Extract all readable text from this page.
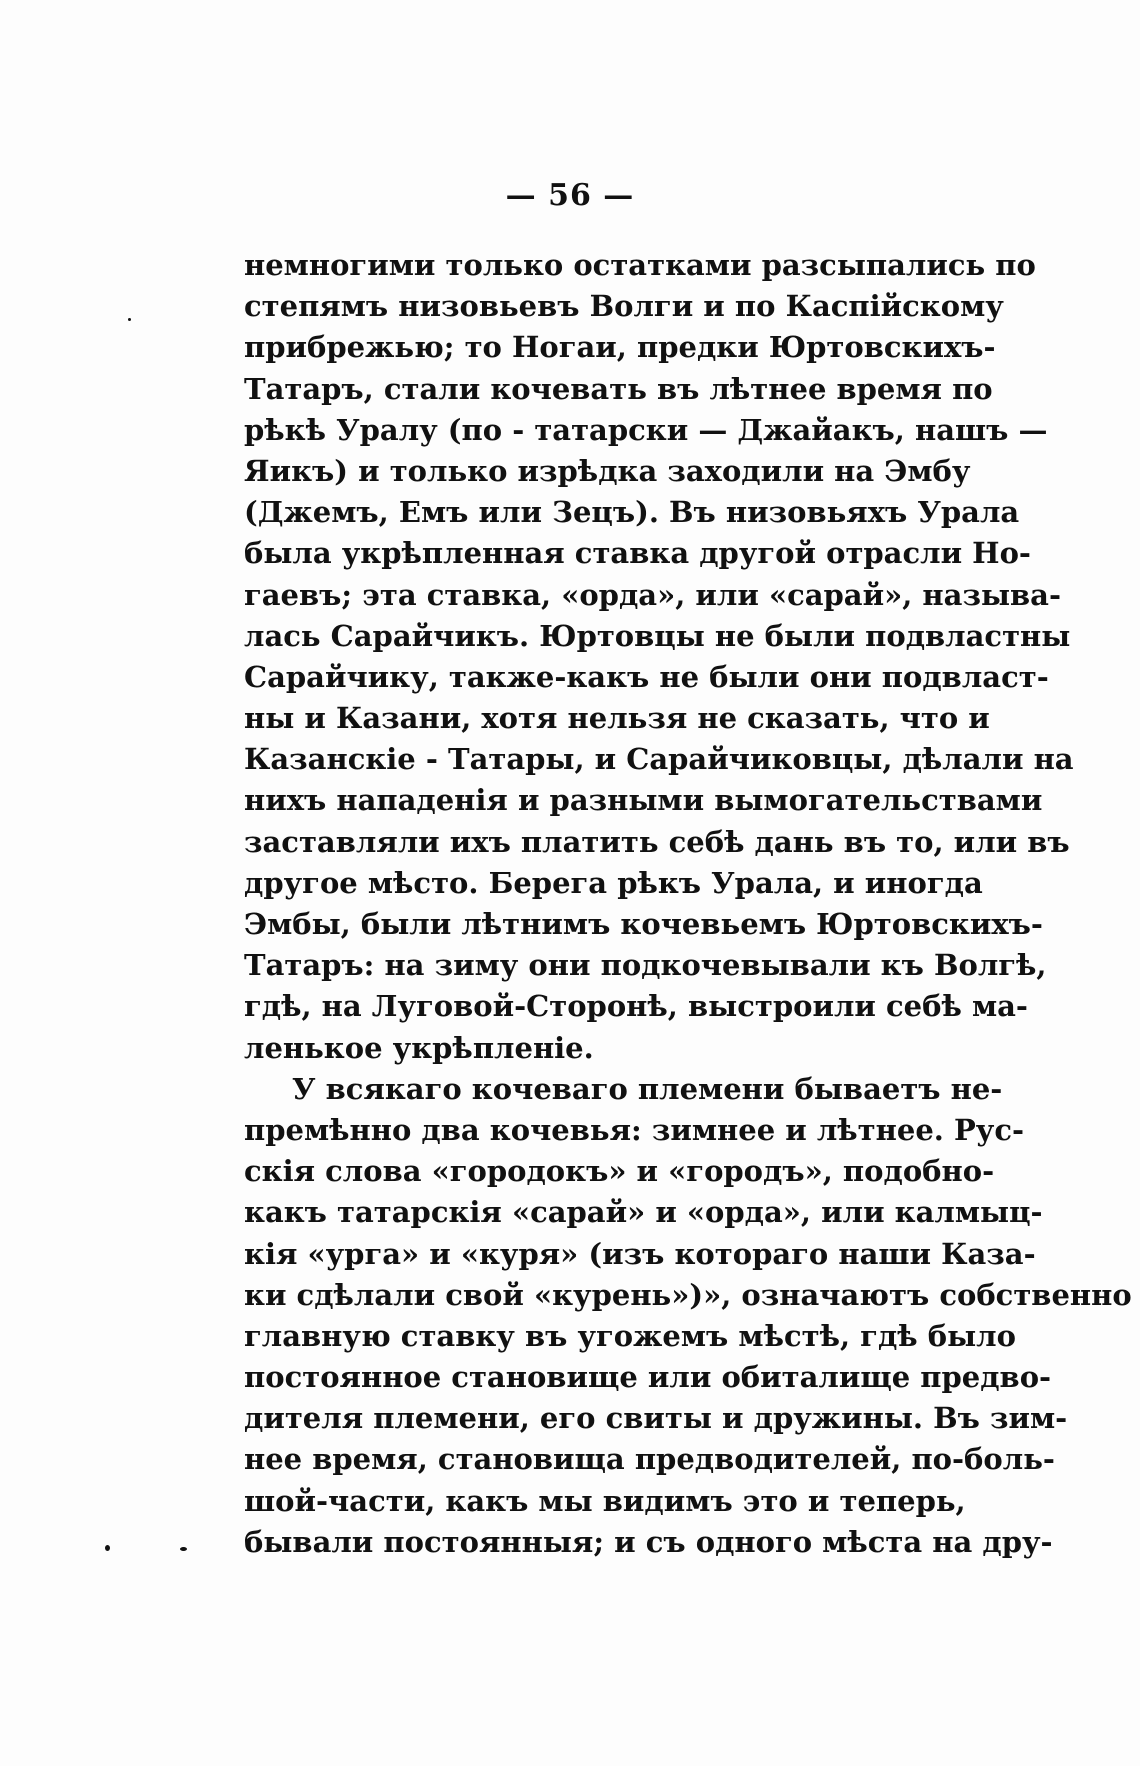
— 56 —
немногими только остатками разсыпались по
степямъ низовьевъ Волги и по Каспійскому
прибрежью; то Ногаи, предки Юртовскихъ-
Татаръ, стали кочевать въ лѣтнее время по
рѣкѣ Уралу (по - татарски — Джайакъ, нашъ —
Яикъ) и только изрѣдка заходили на Эмбу
(Джемъ, Емъ или Зецъ). Въ низовьяхъ Урала
была укрѣпленная ставка другой отрасли Но-
гаевъ; эта ставка, «орда», или «сарай», называ-
лась Сарайчикъ. Юртовцы не были подвластны
Сарайчику, также-какъ не были они подвласт-
ны и Казани, хотя нельзя не сказать, что и
Казанскіе - Татары, и Сарайчиковцы, дѣлали на
нихъ нападенія и разными вымогательствами
заставляли ихъ платить себѣ дань въ то, или въ
другое мѣсто. Берега рѣкъ Урала, и иногда
Эмбы, были лѣтнимъ кочевьемъ Юртовскихъ-
Татаръ: на зиму они подкочевывали къ Волгѣ,
гдѣ, на Луговой-Сторонѣ, выстроили себѣ ма-
ленькое укрѣпленіе.
У всякаго кочеваго племени бываетъ не-
премѣнно два кочевья: зимнее и лѣтнее. Рус-
скія слова «городокъ» и «городъ», подобно-
какъ татарскія «сарай» и «орда», или калмыц-
кія «урга» и «куря» (изъ котораго наши Каза-
ки сдѣлали свой «курень»)», означаютъ собственно
главную ставку въ угожемъ мѣстѣ, гдѣ было
постоянное становище или обиталище предво-
дителя племени, его свиты и дружины. Въ зим-
нее время, становища предводителей, по-боль-
шой-части, какъ мы видимъ это и теперь,
бывали постоянныя; и съ одного мѣста на дру-
